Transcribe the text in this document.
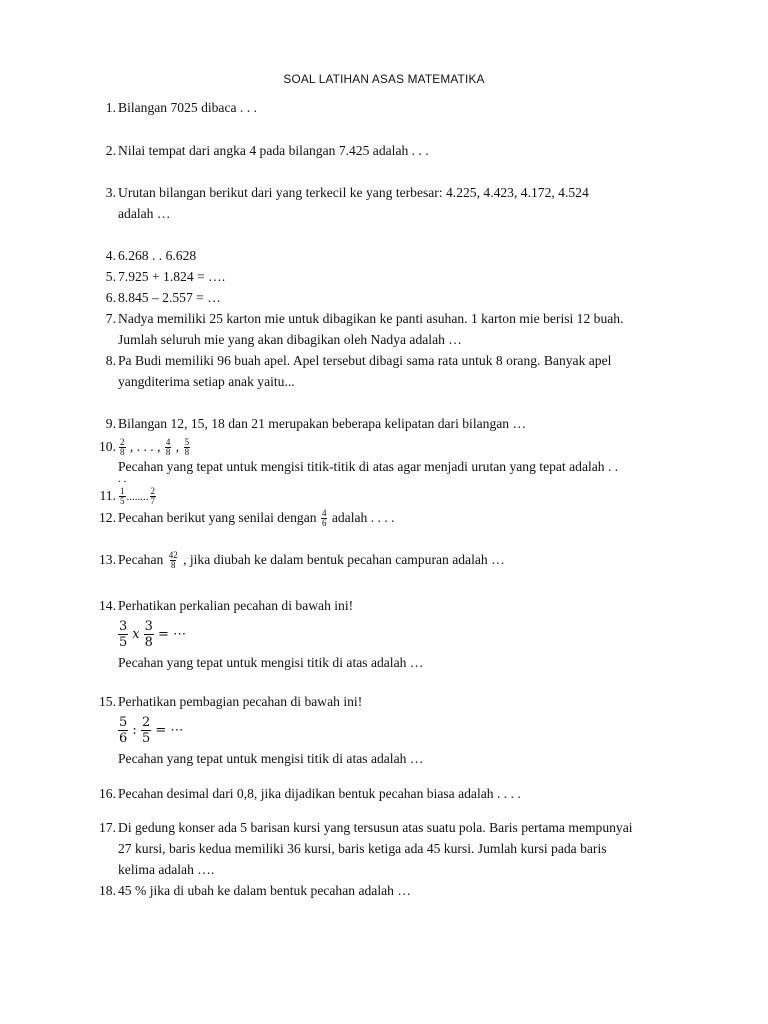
SOAL LATIHAN ASAS MATEMATIKA
1. Bilangan 7025 dibaca . . .
2. Nilai tempat dari angka 4 pada bilangan 7.425 adalah . . .
3. Urutan bilangan berikut dari yang terkecil ke yang terbesar: 4.225, 4.423, 4.172, 4.524
adalah …
4. 6.268 . . 6.628
5. 7.925 + 1.824 = ….
6. 8.845 – 2.557 = …
7. Nadya memiliki 25 karton mie untuk dibagikan ke panti asuhan. 1 karton mie berisi 12 buah.
Jumlah seluruh mie yang akan dibagikan oleh Nadya adalah …
8. Pa Budi memiliki 96 buah apel. Apel tersebut dibagi sama rata untuk 8 orang. Banyak apel
yangditerima setiap anak yaitu...
9. Bilangan 12, 15, 18 dan 21 merupakan beberapa kelipatan dari bilangan …
10. $\frac{2}{8}$ , . . . , $\frac{4}{8}$ , $\frac{5}{8}$
Pecahan yang tepat untuk mengisi titik-titik di atas agar menjadi urutan yang tepat adalah . .
. .
11. $\frac{1}{5}$ ........ $\frac{2}{7}$
12. Pecahan berikut yang senilai dengan $\frac{4}{6}$ adalah . . . .
13. Pecahan $\frac{42}{8}$ , jika diubah ke dalam bentuk pecahan campuran adalah …
14. Perhatikan perkalian pecahan di bawah ini!
3
5
x $\frac{3}{8}$ = ⋯
Pecahan yang tepat untuk mengisi titik di atas adalah …
15. Perhatikan pembagian pecahan di bawah ini!
5
6
: $\frac{2}{5}$ = ⋯
Pecahan yang tepat untuk mengisi titik di atas adalah …
16. Pecahan desimal dari 0,8, jika dijadikan bentuk pecahan biasa adalah . . . .
17. Di gedung konser ada 5 barisan kursi yang tersusun atas suatu pola. Baris pertama mempunyai
27 kursi, baris kedua memiliki 36 kursi, baris ketiga ada 45 kursi. Jumlah kursi pada baris
kelima adalah ….
18. 45 % jika di ubah ke dalam bentuk pecahan adalah …
